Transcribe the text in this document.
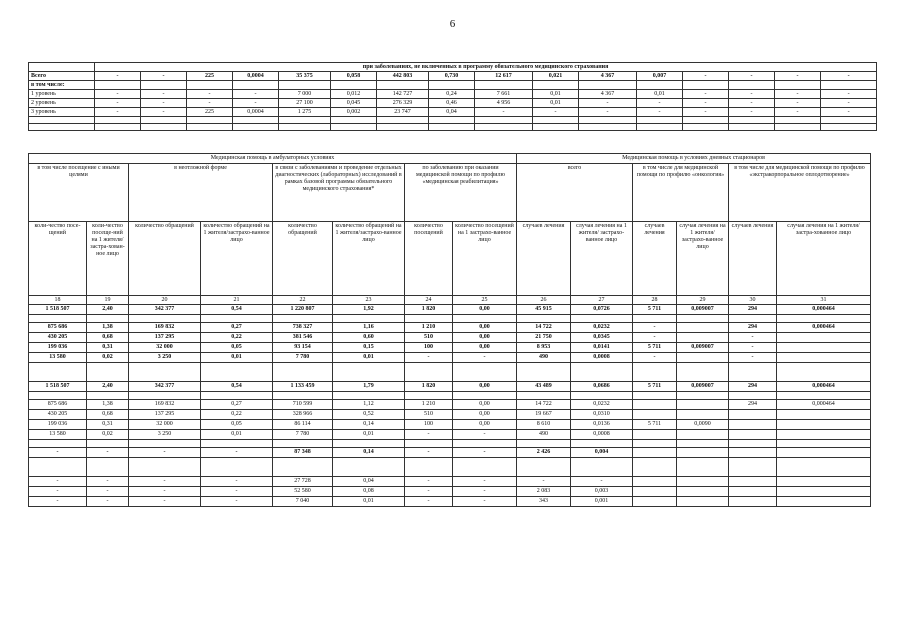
6
	при заболеваниях, не включенных в программу обязательного медицинского страхования															
Всего	-	-	225	0,0004	35 375	0,058	442 803	0,730	12 617	0,021	4 367	0,007	-	-	-	-
в том числе:																
1 уровень	-	-	-	-	7 000	0,012	142 727	0,24	7 661	0,01	4 367	0,01	-	-	-	-
2 уровень	-	-	-	-	27 100	0,045	276 329	0,46	4 956	0,01	-	-	-	-	-	-
3 уровень	-	-	225	0,0004	1 275	0,002	23 747	0,04	-	-	-	-	-	-	-	-

Медицинская помощь в амбулаторных условиях								Медицинская помощь в условиях дневных стационаров					
в том числе посещение с иными целями		в неотложной форме		в связи с заболеваниями и проведение отдельных диагностических (лабораторных) исследований в рамках базовой программы обязательного медицинского страхования*		по заболеванию при оказании медицинской помощи по профилю «медицинская реабилитация»		всего		в том числе для медицинской помощи по профилю «онкология»		в том числе для медицинской помощи по профилю «экстракорпоральное оплодотворение»	
коли-чество посе-щений	коли-чество посеще-ний на 1 жителя/застра-хован-ное лицо	количество обращений	количество обращений на 1 жителя/застрахо-ванное лицо	количество обращений	количество обращений на 1 жителя/застрахо-ванное лицо	количество посещений	количество посещений на 1 застрахо-ванное лицо	случаев лечения	случая лечения на 1 жителя/ застрахо-ванное лицо	случаев лечения	случая лечения на 1 жителя/ застрахо-ванное лицо	случаев лечения	случая лечения на 1 жителя/застра-хованное лицо
18	19	20	21	22	23	24	25	26	27	28	29	30	31
1 518 507	2,40	342 377	0,54	1 220 807	1,92	1 820	0,00	45 915	0,0726	5 711	0,009007	294	0,000464

875 686	1,38	169 832	0,27	738 327	1,16	1 210	0,00	14 722	0,0232	-		294	0,000464
430 205	0,68	137 295	0,22	381 546	0,60	510	0,00	21 750	0,0345	-		-	
199 036	0,31	32 000	0,05	93 154	0,15	100	0,00	8 953	0,0141	5 711	0,009007	-	
13 580	0,02	3 250	0,01	7 780	0,01	-	-	490	0,0008	-		-	

1 518 507	2,40	342 377	0,54	1 133 459	1,79	1 820	0,00	43 489	0,0686	5 711	0,009007	294	0,000464

875 686	1,38	169 832	0,27	710 599	1,12	1 210	0,00	14 722	0,0232			294	0,000464
430 205	0,68	137 295	0,22	328 966	0,52	510	0,00	19 667	0,0310				
199 036	0,31	32 000	0,05	86 114	0,14	100	0,00	8 610	0,0136	5 711	0,0090		
13 580	0,02	3 250	0,01	7 780	0,01	-	-	490	0,0008				

-	-	-	-	87 348	0,14	-	-	2 426	0,004				

-	-	-	-	27 728	0,04	-	-	-	-				
-	-	-	-	52 580	0,08	-	-	2 083	0,003				
-	-	-	-	7 040	0,01	-	-	343	0,001				
